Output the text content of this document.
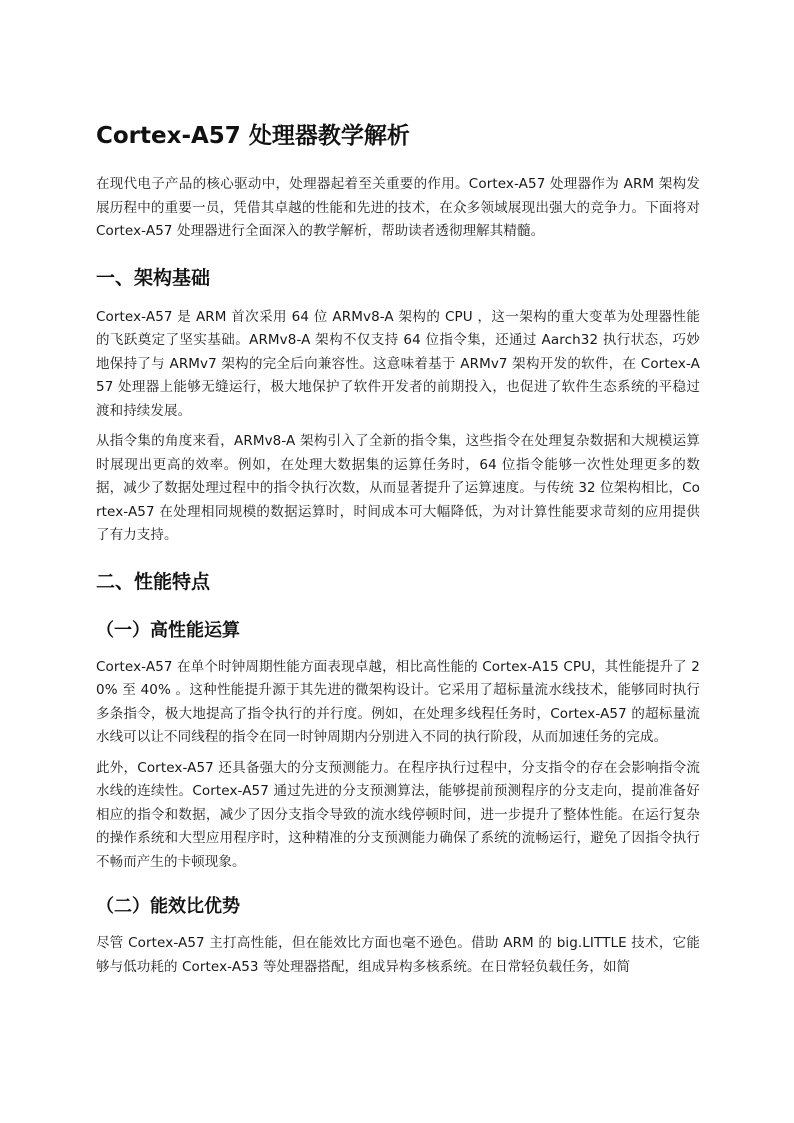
Cortex-A57 处理器教学解析

在现代电子产品的核心驱动中，处理器起着至关重要的作用。Cortex-A57 处理器作为 ARM 架构发展历程中的重要一员，凭借其卓越的性能和先进的技术，在众多领域展现出强大的竞争力。下面将对 Cortex-A57 处理器进行全面深入的教学解析，帮助读者透彻理解其精髓。

一、架构基础

Cortex-A57 是 ARM 首次采用 64 位 ARMv8-A 架构的 CPU ，这一架构的重大变革为处理器性能的飞跃奠定了坚实基础。ARMv8-A 架构不仅支持 64 位指令集，还通过 Aarch32 执行状态，巧妙地保持了与 ARMv7 架构的完全后向兼容性。这意味着基于 ARMv7 架构开发的软件，在 Cortex-A57 处理器上能够无缝运行，极大地保护了软件开发者的前期投入，也促进了软件生态系统的平稳过渡和持续发展。

从指令集的角度来看，ARMv8-A 架构引入了全新的指令集，这些指令在处理复杂数据和大规模运算时展现出更高的效率。例如，在处理大数据集的运算任务时，64 位指令能够一次性处理更多的数据，减少了数据处理过程中的指令执行次数，从而显著提升了运算速度。与传统 32 位架构相比，Cortex-A57 在处理相同规模的数据运算时，时间成本可大幅降低，为对计算性能要求苛刻的应用提供了有力支持。

二、性能特点
（一）高性能运算

Cortex-A57 在单个时钟周期性能方面表现卓越，相比高性能的 Cortex-A15 CPU，其性能提升了 20% 至 40% 。这种性能提升源于其先进的微架构设计。它采用了超标量流水线技术，能够同时执行多条指令，极大地提高了指令执行的并行度。例如，在处理多线程任务时，Cortex-A57 的超标量流水线可以让不同线程的指令在同一时钟周期内分别进入不同的执行阶段，从而加速任务的完成。

此外，Cortex-A57 还具备强大的分支预测能力。在程序执行过程中，分支指令的存在会影响指令流水线的连续性。Cortex-A57 通过先进的分支预测算法，能够提前预测程序的分支走向，提前准备好相应的指令和数据，减少了因分支指令导致的流水线停顿时间，进一步提升了整体性能。在运行复杂的操作系统和大型应用程序时，这种精准的分支预测能力确保了系统的流畅运行，避免了因指令执行不畅而产生的卡顿现象。

（二）能效比优势

尽管 Cortex-A57 主打高性能，但在能效比方面也毫不逊色。借助 ARM 的 big.LITTLE 技术，它能够与低功耗的 Cortex-A53 等处理器搭配，组成异构多核系统。在日常轻负载任务，如简
